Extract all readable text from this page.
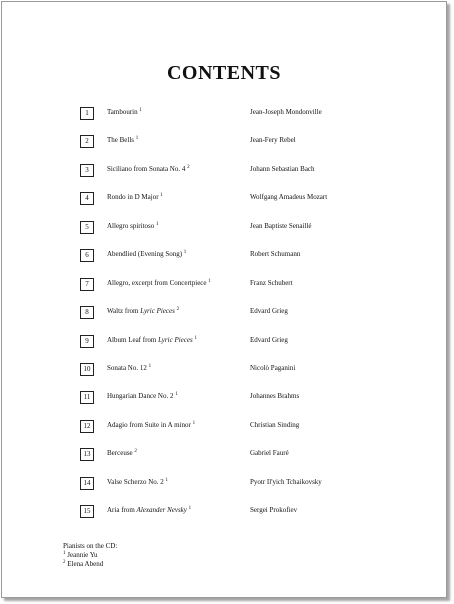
CONTENTS
1	Tambourin $^1$	Jean-Joseph Mondonville
2	The Bells $^1$	Jean-Fery Rebel
3	Siciliano from Sonata No. 4 $^2$	Johann Sebastian Bach
4	Rondo in D Major $^1$	Wolfgang Amadeus Mozart
5	Allegro spiritoso $^1$	Jean Baptiste Senaillé
6	Abendlied (Evening Song) $^1$	Robert Schumann
7	Allegro, excerpt from Concertpiece $^1$	Franz Schubert
8	Waltz from Lyric Pieces $^2$	Edvard Grieg
9	Album Leaf from Lyric Pieces $^1$	Edvard Grieg
10	Sonata No. 12 $^1$	Nicolò Paganini
11	Hungarian Dance No. 2 $^1$	Johannes Brahms
12	Adagio from Suite in A minor $^1$	Christian Sinding
13	Berceuse $^2$	Gabriel Fauré
14	Valse Scherzo No. 2 $^1$	Pyotr Il'yich Tchaikovsky
15	Aria from Alexander Nevsky $^1$	Sergei Prokofiev
Pianists on the CD:
$^1$ Jeannie Yu
$^2$ Elena Abend
